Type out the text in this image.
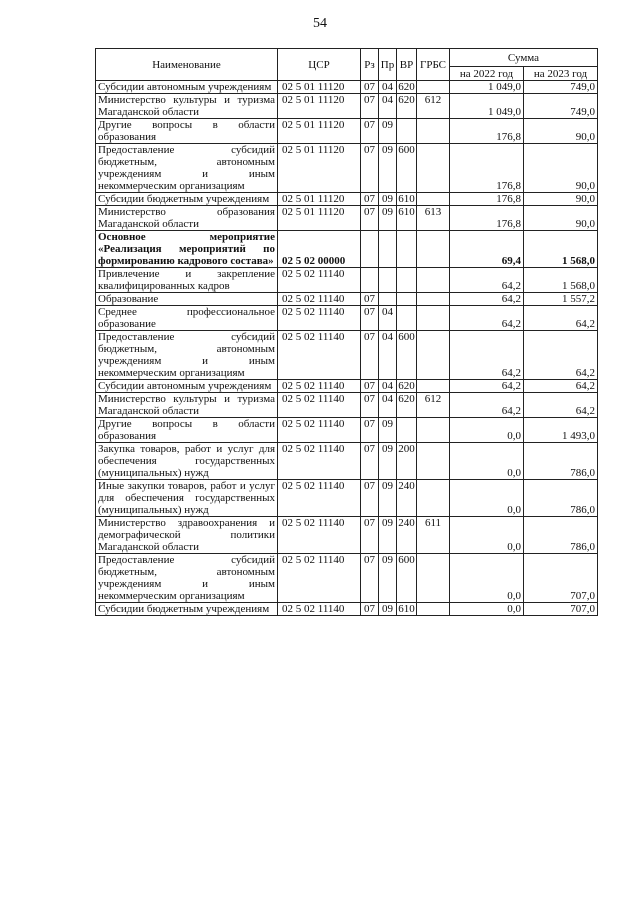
54
Наименование	ЦСР	Рз	Пр	ВР	ГРБС	Сумма	
						на 2022 год	на 2023 год
Субсидии автономным учреждениям	02 5 01 11120	07	04	620		1 049,0	749,0
Министерство культуры и туризма Магаданской области	02 5 01 11120	07	04	620	612	1 049,0	749,0
Другие вопросы в области образования	02 5 01 11120	07	09			176,8	90,0
Предоставление субсидий бюджетным, автономным учреждениям и иным некоммерческим организациям	02 5 01 11120	07	09	600		176,8	90,0
Субсидии бюджетным учреждениям	02 5 01 11120	07	09	610		176,8	90,0
Министерство образования Магаданской области	02 5 01 11120	07	09	610	613	176,8	90,0
Основное мероприятие «Реализация мероприятий по формированию кадрового состава»	02 5 02 00000					69,4	1 568,0
Привлечение и закрепление квалифицированных кадров	02 5 02 11140					64,2	1 568,0
Образование	02 5 02 11140	07				64,2	1 557,2
Среднее профессиональное образование	02 5 02 11140	07	04			64,2	64,2
Предоставление субсидий бюджетным, автономным учреждениям и иным некоммерческим организациям	02 5 02 11140	07	04	600		64,2	64,2
Субсидии автономным учреждениям	02 5 02 11140	07	04	620		64,2	64,2
Министерство культуры и туризма Магаданской области	02 5 02 11140	07	04	620	612	64,2	64,2
Другие вопросы в области образования	02 5 02 11140	07	09			0,0	1 493,0
Закупка товаров, работ и услуг для обеспечения государственных (муниципальных) нужд	02 5 02 11140	07	09	200		0,0	786,0
Иные закупки товаров, работ и услуг для обеспечения государственных (муниципальных) нужд	02 5 02 11140	07	09	240		0,0	786,0
Министерство здравоохранения и демографической политики Магаданской области	02 5 02 11140	07	09	240	611	0,0	786,0
Предоставление субсидий бюджетным, автономным учреждениям и иным некоммерческим организациям	02 5 02 11140	07	09	600		0,0	707,0
Субсидии бюджетным учреждениям	02 5 02 11140	07	09	610		0,0	707,0
